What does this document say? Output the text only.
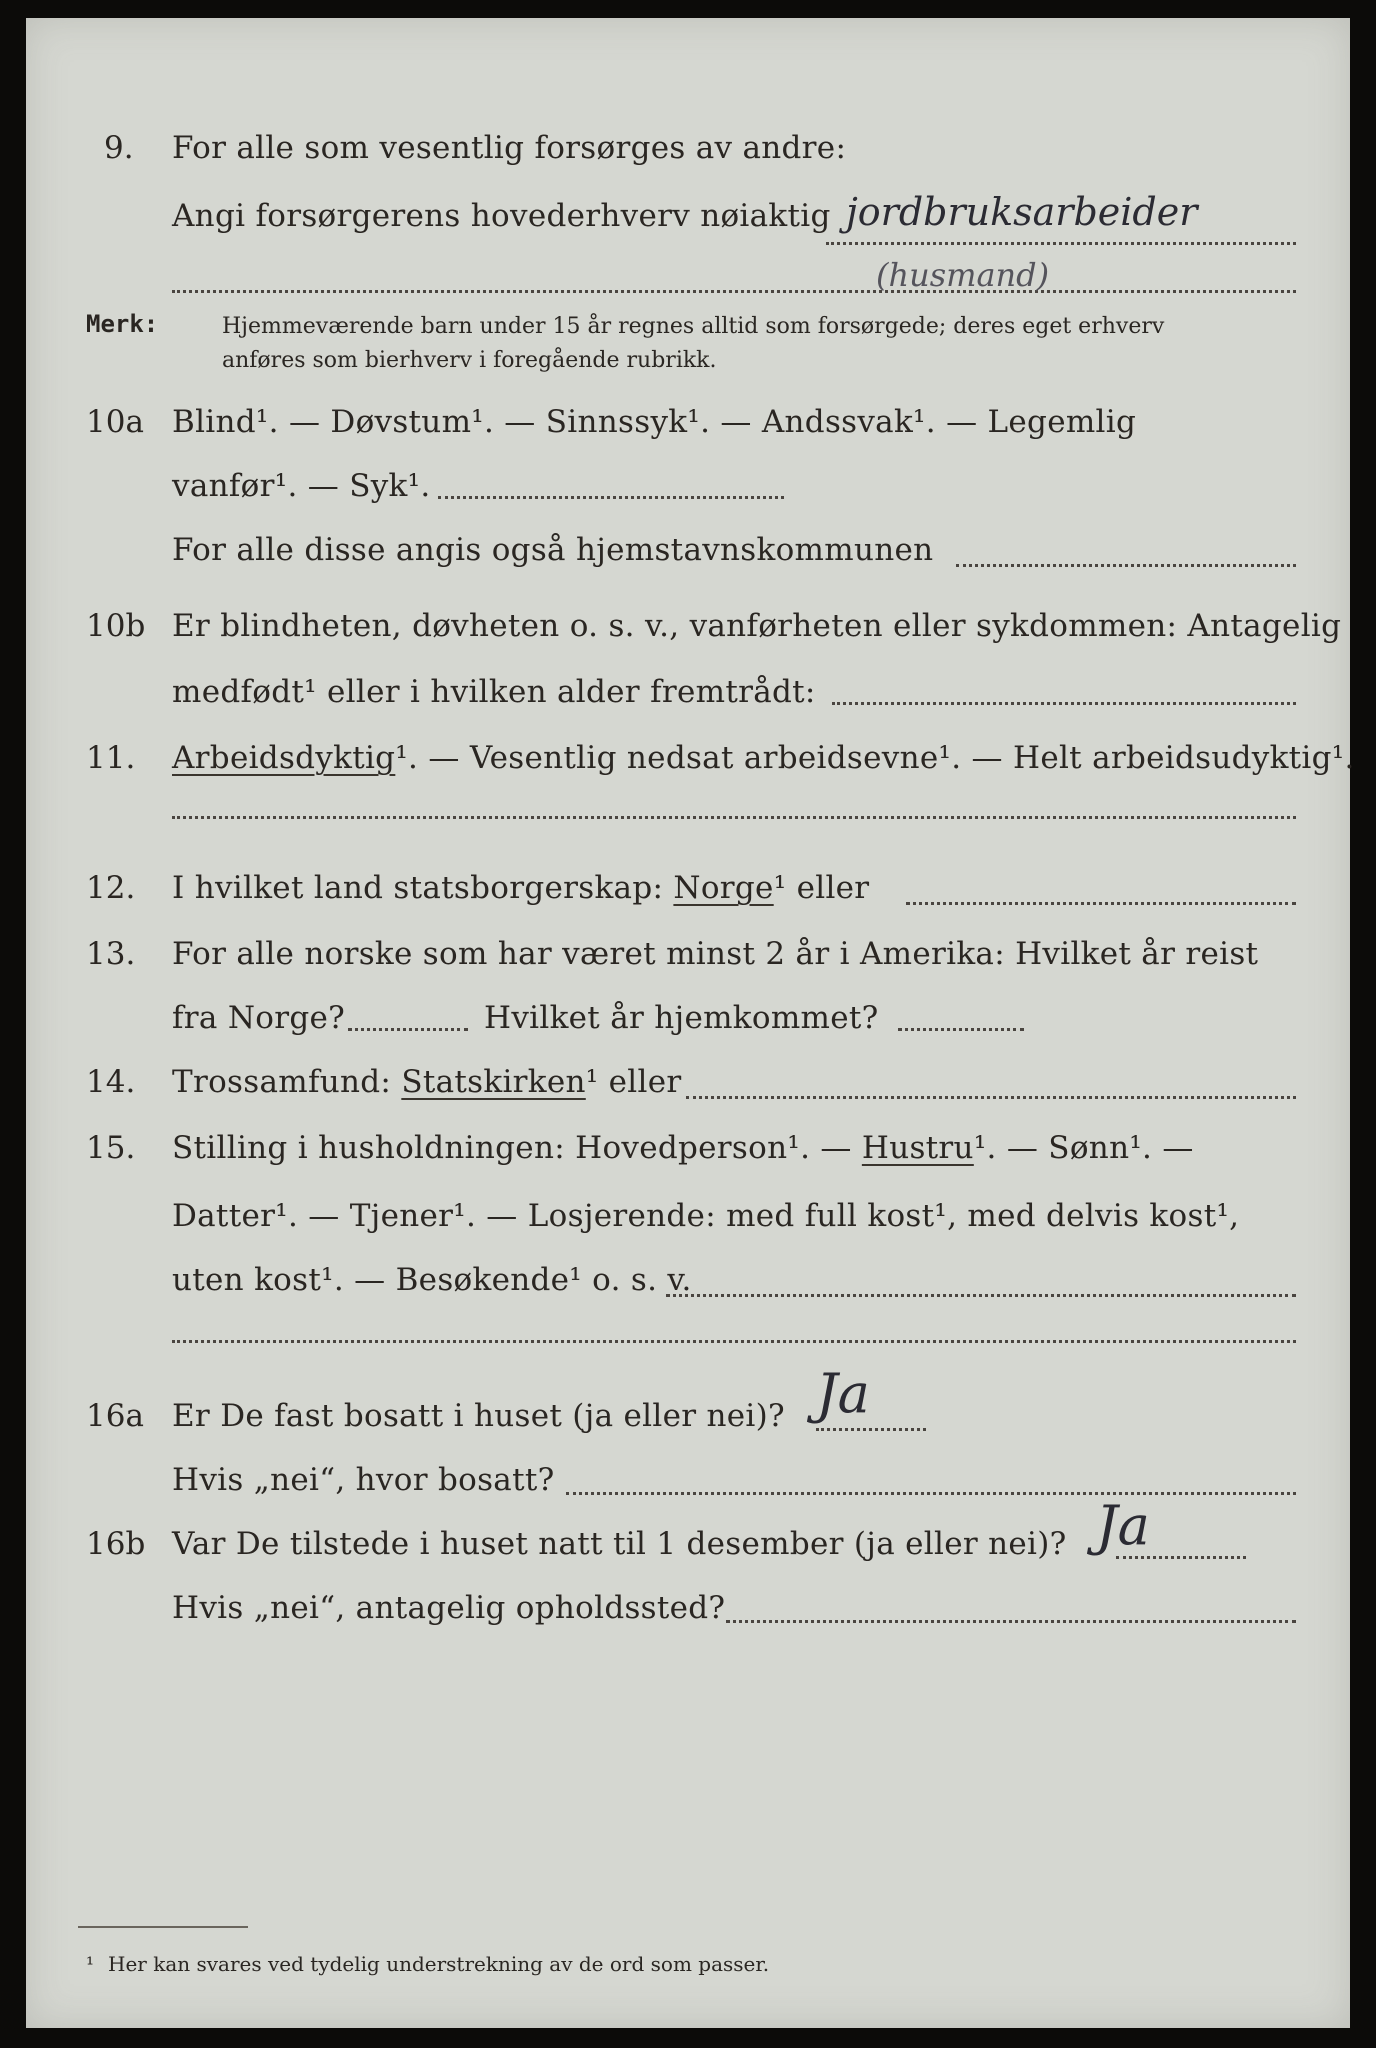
9. For alle som vesentlig forsørges av andre:
Angi forsørgerens hovederhverv nøiaktig jordbruksarbeider
(husmand)
Merk:	Hjemmeværende barn under 15 år regnes alltid som forsørgede; deres eget erhverv
anføres som bierhverv i foregående rubrikk.
10a Blind¹. — Døvstum¹. — Sinnssyk¹. — Andssvak¹. — Legemlig
vanfør¹. — Syk¹.
For alle disse angis også hjemstavnskommunen
10b Er blindheten, døvheten o. s. v., vanførheten eller sykdommen: Antagelig
medfødt¹ eller i hvilken alder fremtrådt:
11. Arbeidsdyktig¹. — Vesentlig nedsat arbeidsevne¹. — Helt arbeidsudyktig¹.
12. I hvilket land statsborgerskap: Norge¹ eller
13. For alle norske som har været minst 2 år i Amerika: Hvilket år reist
fra Norge?	Hvilket år hjemkommet?
14. Trossamfund: Statskirken¹ eller
15. Stilling i husholdningen: Hovedperson¹. — Hustru¹. — Sønn¹. —
Datter¹. — Tjener¹. — Losjerende: med full kost¹, med delvis kost¹,
uten kost¹. — Besøkende¹ o. s. v.
16a Er De fast bosatt i huset (ja eller nei)? Ja
Hvis „nei“, hvor bosatt?
16b Var De tilstede i huset natt til 1 desember (ja eller nei)? Ja
Hvis „nei“, antagelig opholdssted?
¹ Her kan svares ved tydelig understrekning av de ord som passer.
